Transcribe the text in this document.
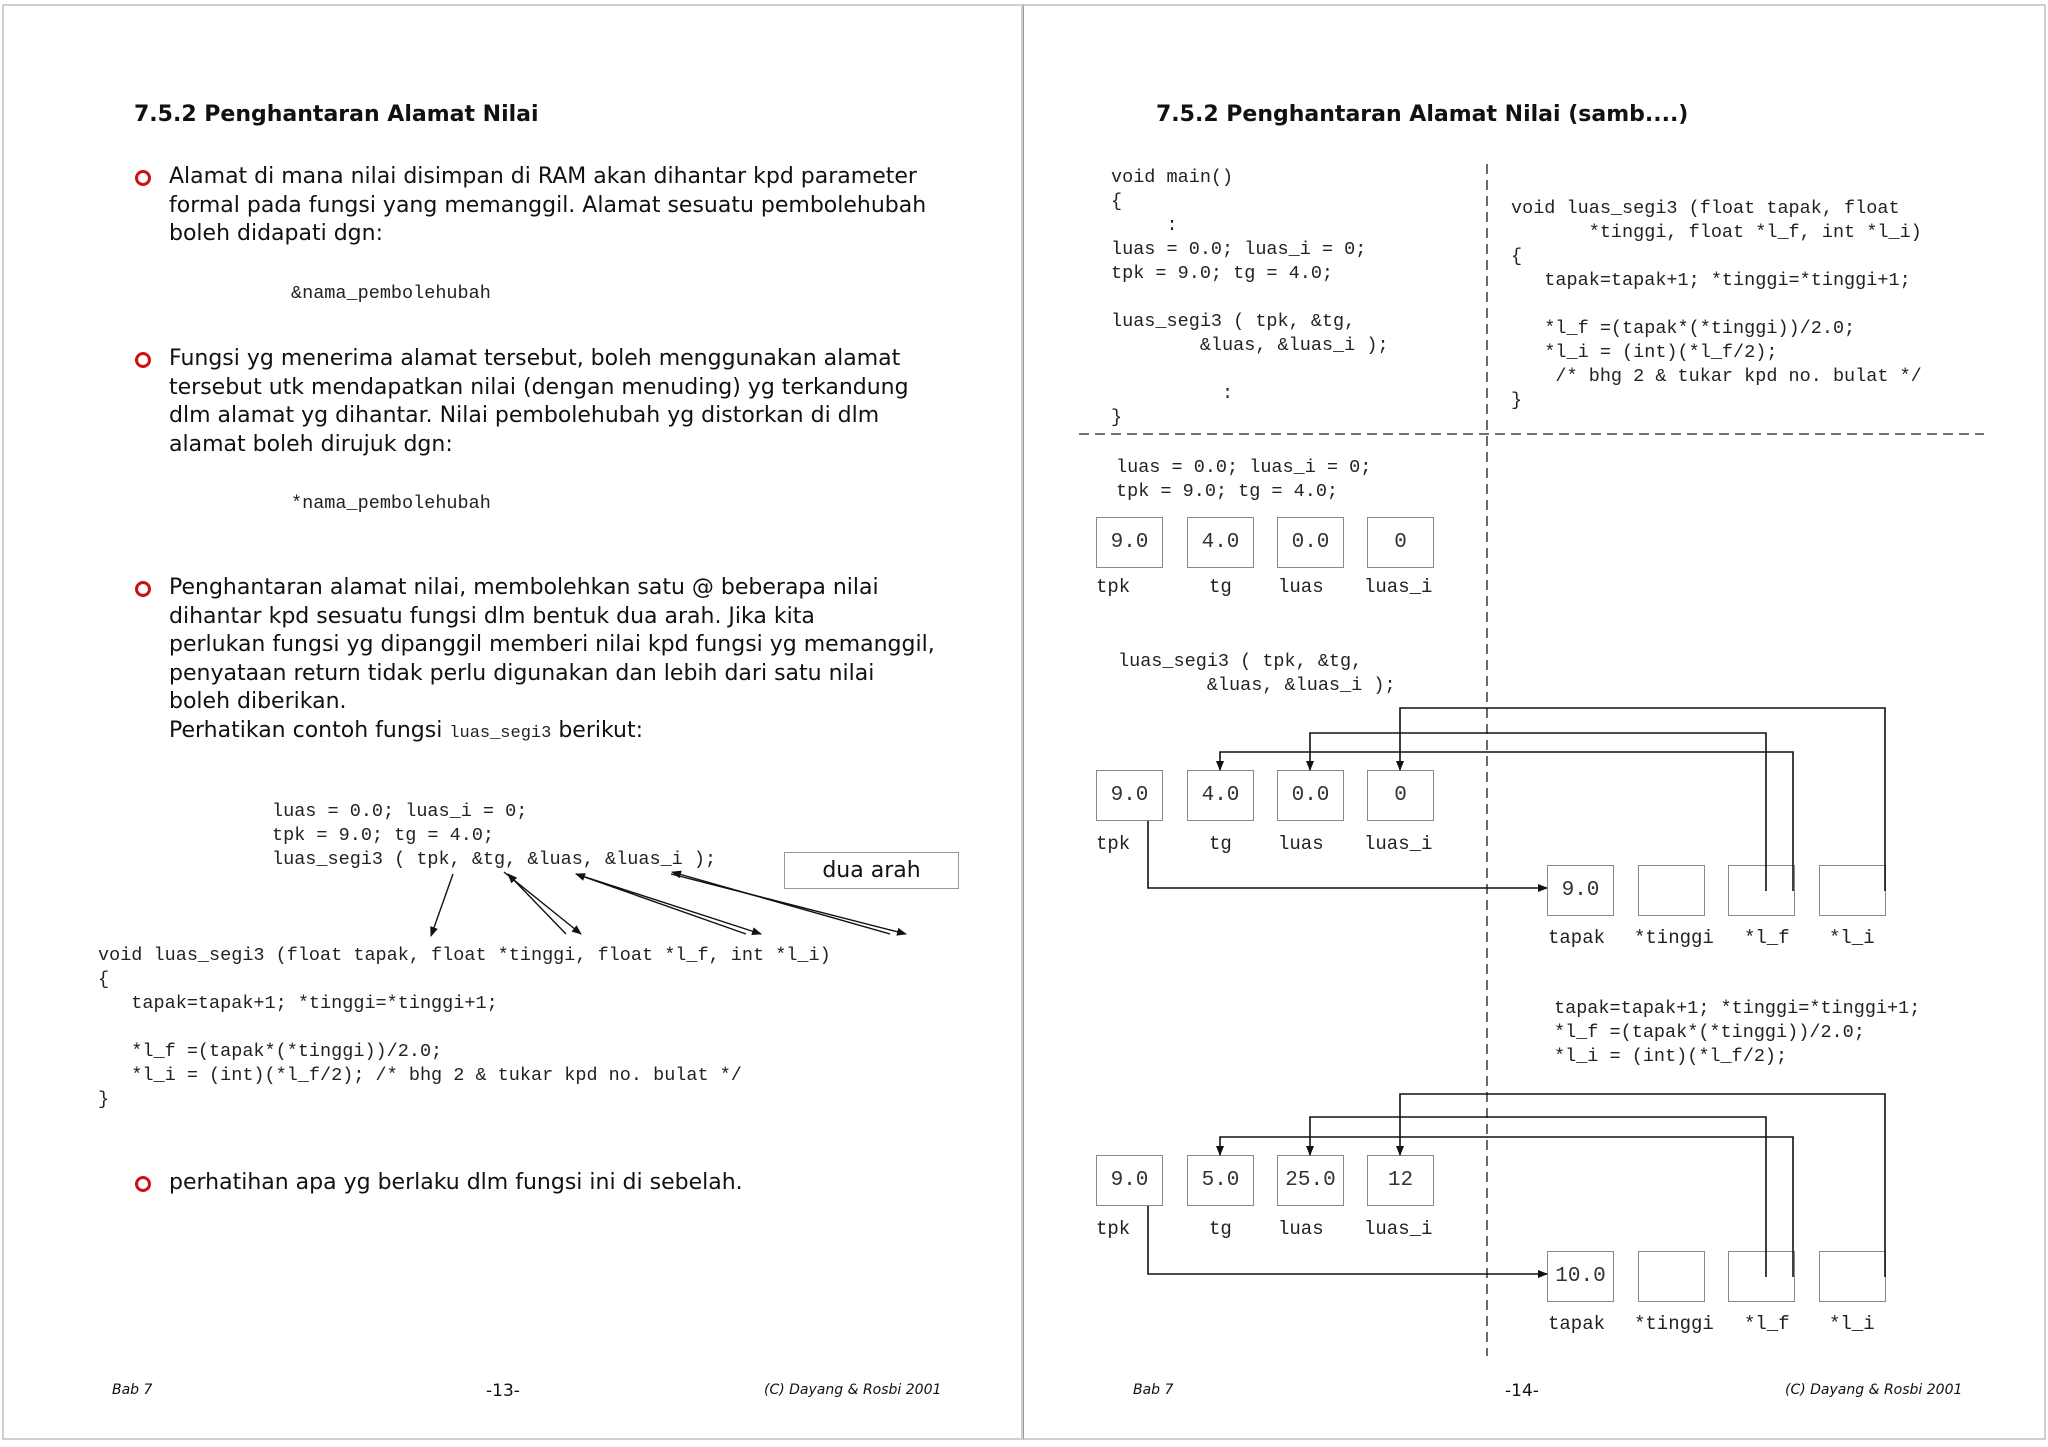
7.5.2 Penghantaran Alamat Nilai
Alamat di mana nilai disimpan di RAM akan dihantar kpd parameter
formal pada fungsi yang memanggil. Alamat sesuatu pembolehubah
boleh didapati dgn:
&nama_pembolehubah
Fungsi yg menerima alamat tersebut, boleh menggunakan alamat
tersebut utk mendapatkan nilai (dengan menuding) yg terkandung
dlm alamat yg dihantar. Nilai pembolehubah yg distorkan di dlm
alamat boleh dirujuk dgn:
*nama_pembolehubah
Penghantaran alamat nilai, membolehkan satu @ beberapa nilai
dihantar kpd sesuatu fungsi dlm bentuk dua arah. Jika kita
perlukan fungsi yg dipanggil memberi nilai kpd fungsi yg memanggil,
penyataan return tidak perlu digunakan dan lebih dari satu nilai
boleh diberikan.
Perhatikan contoh fungsi luas_segi3 berikut:
luas = 0.0; luas_i = 0;
tpk = 9.0; tg = 4.0;
luas_segi3 ( tpk, &tg, &luas, &luas_i );	dua arah
void luas_segi3 (float tapak, float *tinggi, float *l_f, int *l_i)
{
tapak=tapak+1; *tinggi=*tinggi+1;

*l_f =(tapak*(*tinggi))/2.0;
*l_i = (int)(*l_f/2); /* bhg 2 & tukar kpd no. bulat */
}
perhatihan apa yg berlaku dlm fungsi ini di sebelah.
Bab 7	-13-	(C) Dayang & Rosbi 2001
7.5.2 Penghantaran Alamat Nilai (samb....)
void main()
{
:
luas = 0.0; luas_i = 0;
tpk = 9.0; tg = 4.0;

luas_segi3 ( tpk, &tg,
&luas, &luas_i );

:
}
void luas_segi3 (float tapak, float
*tinggi, float *l_f, int *l_i)
{
tapak=tapak+1; *tinggi=*tinggi+1;

*l_f =(tapak*(*tinggi))/2.0;
*l_i = (int)(*l_f/2);
/* bhg 2 & tukar kpd no. bulat */
}
luas = 0.0; luas_i = 0;
tpk = 9.0; tg = 4.0;
9.0	4.0	0.0	0
tpk	tg luas luas_i
luas_segi3 ( tpk, &tg,
&luas, &luas_i );
9.0	4.0	0.0	0
tpk	tg luas luas_i
9.0
tapak *tinggi *l_f *l_i
tapak=tapak+1; *tinggi=*tinggi+1;
*l_f =(tapak*(*tinggi))/2.0;
*l_i = (int)(*l_f/2);
9.0	5.0	25.0	12
tpk	tg luas luas_i
10.0
tapak *tinggi *l_f *l_i
Bab 7	-14-	(C) Dayang & Rosbi 2001
